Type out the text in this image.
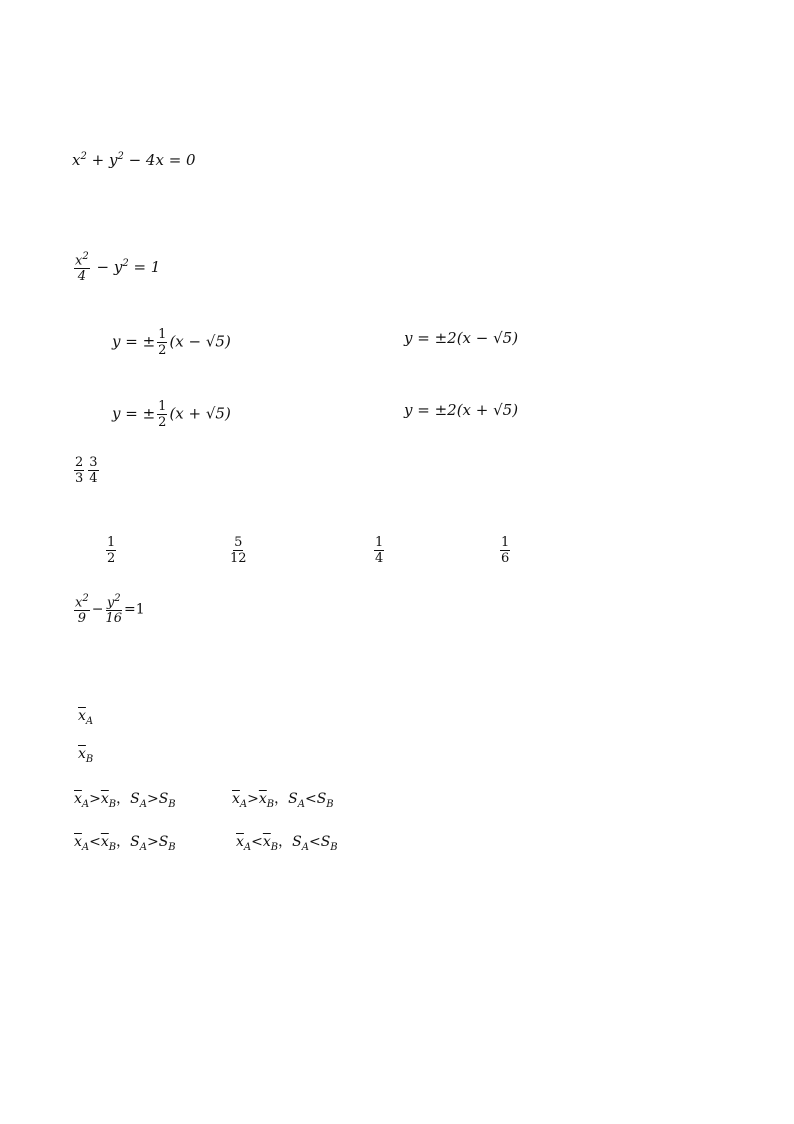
$x^2 + y^2 - 4x = 0$
$\frac{x^2}{4} - y^2 = 1$
y = ± $\frac{1}{2} (x - √5)$	y = ±2(x − √5)
y = ± $\frac{1}{2} (x + √5)$	y = ±2(x + √5)
$\frac{2}{3} \frac{3}{4}$
$\frac{1}{2}$	$\frac{5}{12}$	$\frac{1}{4}$	$\frac{1}{6}$
$\frac{x^2}{9} - \frac{y^2}{16} =1$
$\overline{x}_A$
$\overline{x}_B$
$\overline{x}_A>\overline{x}_B$，$S_A>S_B$	$\overline{x}_A>\overline{x}_B$，$S_A<S_B$
$\overline{x}_A<\overline{x}_B$，$S_A>S_B$	$\overline{x}_A<\overline{x}_B$，$S_A<S_B$
